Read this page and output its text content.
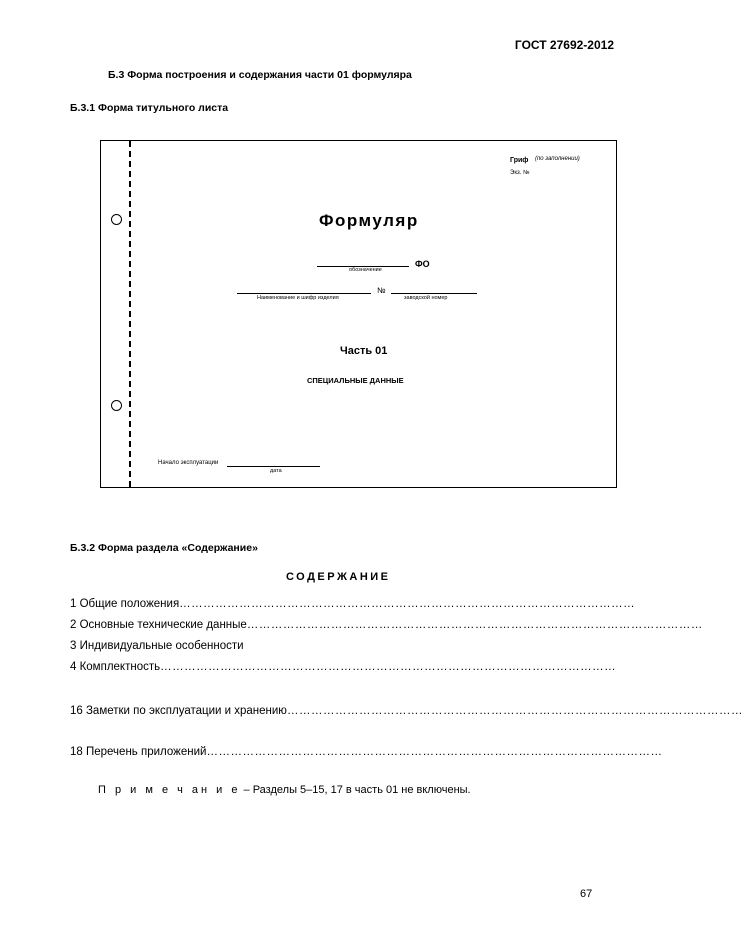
ГОСТ 27692-2012
Б.3 Форма построения и содержания части 01 формуляра
Б.3.1 Форма титульного листа
Гриф (по заполнении)
Экз. №
Формуляр
ФО
обозначение
№
Наименование и шифр изделия	заводской номер
Часть 01
СПЕЦИАЛЬНЫЕ ДАННЫЕ
Начало эксплуатации
дата
Б.3.2 Форма раздела «Содержание»
СОДЕРЖАНИЕ
1 Общие положения ……………………………………………………………………………………………………
2 Основные технические данные ……………………………………………………………………………………………………
3 Индивидуальные особенности
4 Комплектность ……………………………………………………………………………………………………
16 Заметки по эксплуатации и хранению ……………………………………………………………………………………………………
18 Перечень приложений ……………………………………………………………………………………………………
П р и м е ч ан и е – Разделы 5–15, 17 в часть 01 не включены.
67
